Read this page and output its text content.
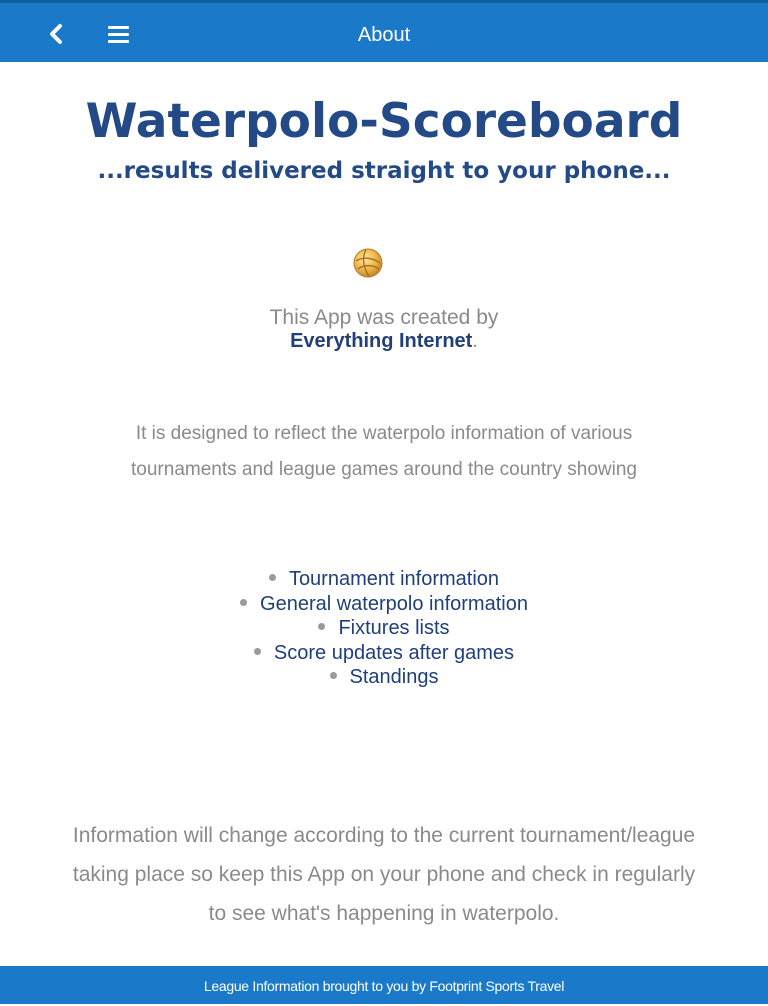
About
Waterpolo-Scoreboard
...results delivered straight to your phone...
This App was created by
Everything Internet.
It is designed to reflect the waterpolo information of various
tournaments and league games around the country showing
Tournament information
General waterpolo information
Fixtures lists
Score updates after games
Standings
Information will change according to the current tournament/league
taking place so keep this App on your phone and check in regularly
to see what's happening in waterpolo.
League Information brought to you by Footprint Sports Travel
